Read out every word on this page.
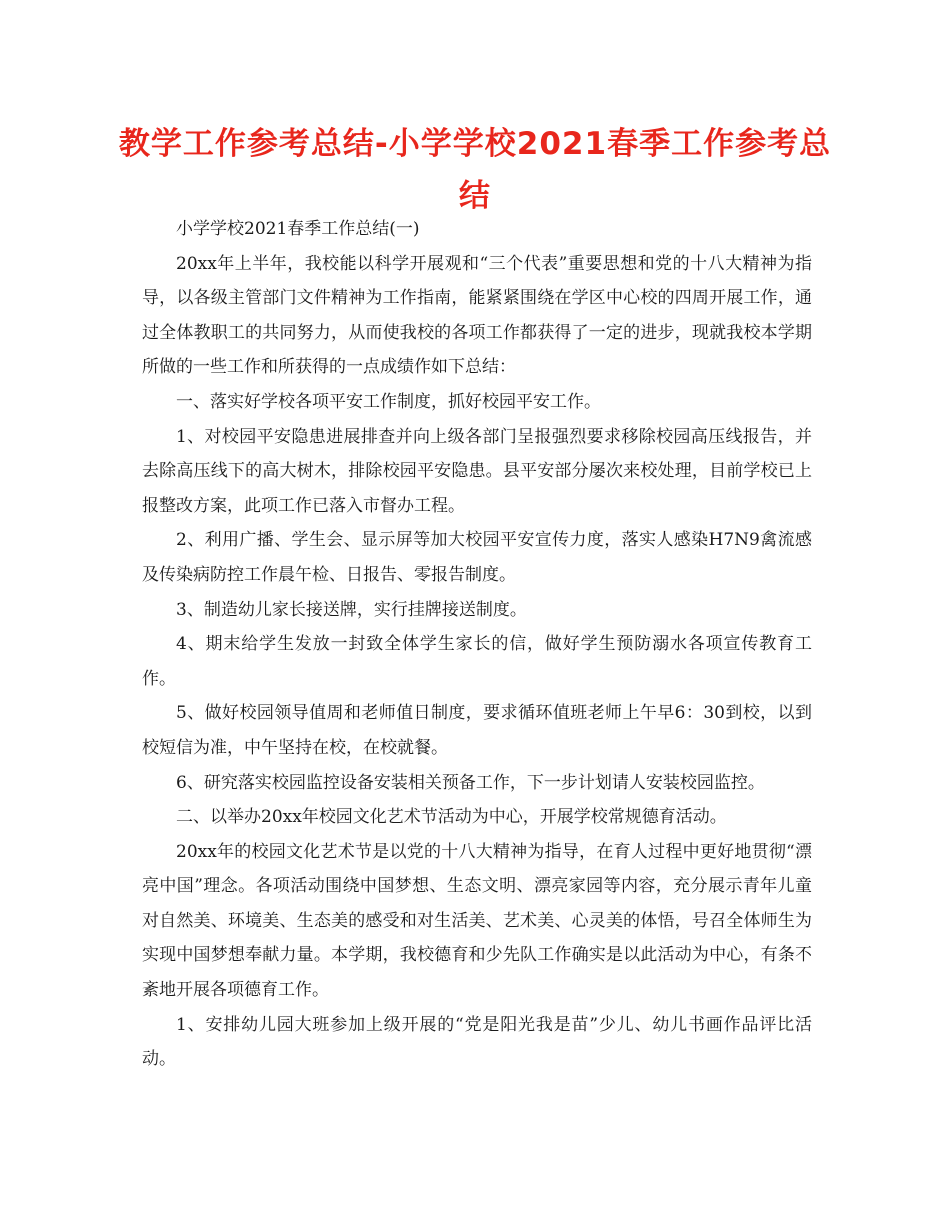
教学工作参考总结-小学学校2021春季工作参考总结

小学学校2021春季工作总结(一)

20xx年上半年，我校能以科学开展观和“三个代表”重要思想和党的十八大精神为指导，以各级主管部门文件精神为工作指南，能紧紧围绕在学区中心校的四周开展工作，通过全体教职工的共同努力，从而使我校的各项工作都获得了一定的进步，现就我校本学期所做的一些工作和所获得的一点成绩作如下总结：

一、落实好学校各项平安工作制度，抓好校园平安工作。

1、对校园平安隐患进展排查并向上级各部门呈报强烈要求移除校园高压线报告，并去除高压线下的高大树木，排除校园平安隐患。县平安部分屡次来校处理，目前学校已上报整改方案，此项工作已落入市督办工程。

2、利用广播、学生会、显示屏等加大校园平安宣传力度，落实人感染H7N9禽流感及传染病防控工作晨午检、日报告、零报告制度。

3、制造幼儿家长接送牌，实行挂牌接送制度。

4、期末给学生发放一封致全体学生家长的信，做好学生预防溺水各项宣传教育工作。

5、做好校园领导值周和老师值日制度，要求循环值班老师上午早6：30到校，以到校短信为准，中午坚持在校，在校就餐。

6、研究落实校园监控设备安装相关预备工作，下一步计划请人安装校园监控。

二、以举办20xx年校园文化艺术节活动为中心，开展学校常规德育活动。

20xx年的校园文化艺术节是以党的十八大精神为指导，在育人过程中更好地贯彻“漂亮中国”理念。各项活动围绕中国梦想、生态文明、漂亮家园等内容，充分展示青年儿童对自然美、环境美、生态美的感受和对生活美、艺术美、心灵美的体悟，号召全体师生为实现中国梦想奉献力量。本学期，我校德育和少先队工作确实是以此活动为中心，有条不紊地开展各项德育工作。

1、安排幼儿园大班参加上级开展的“党是阳光我是苗”少儿、幼儿书画作品评比活动。
